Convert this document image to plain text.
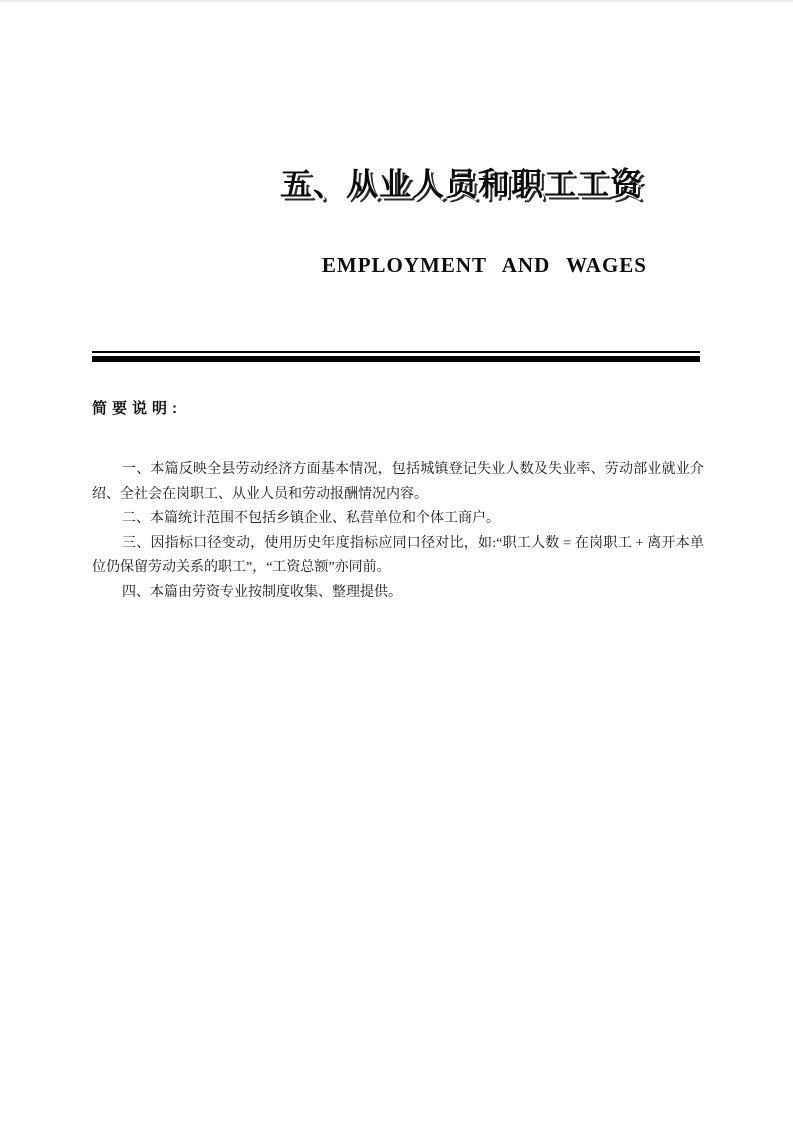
五、从业人员和职工工资
EMPLOYMENT AND WAGES
简要说明:

一、本篇反映全县劳动经济方面基本情况，包括城镇登记失业人数及失业率、劳动部业就业介绍、全社会在岗职工、从业人员和劳动报酬情况内容。

二、本篇统计范围不包括乡镇企业、私营单位和个体工商户。

三、因指标口径变动，使用历史年度指标应同口径对比，如:“职工人数 = 在岗职工 + 离开本单位仍保留劳动关系的职工”，“工资总额”亦同前。

四、本篇由劳资专业按制度收集、整理提供。
